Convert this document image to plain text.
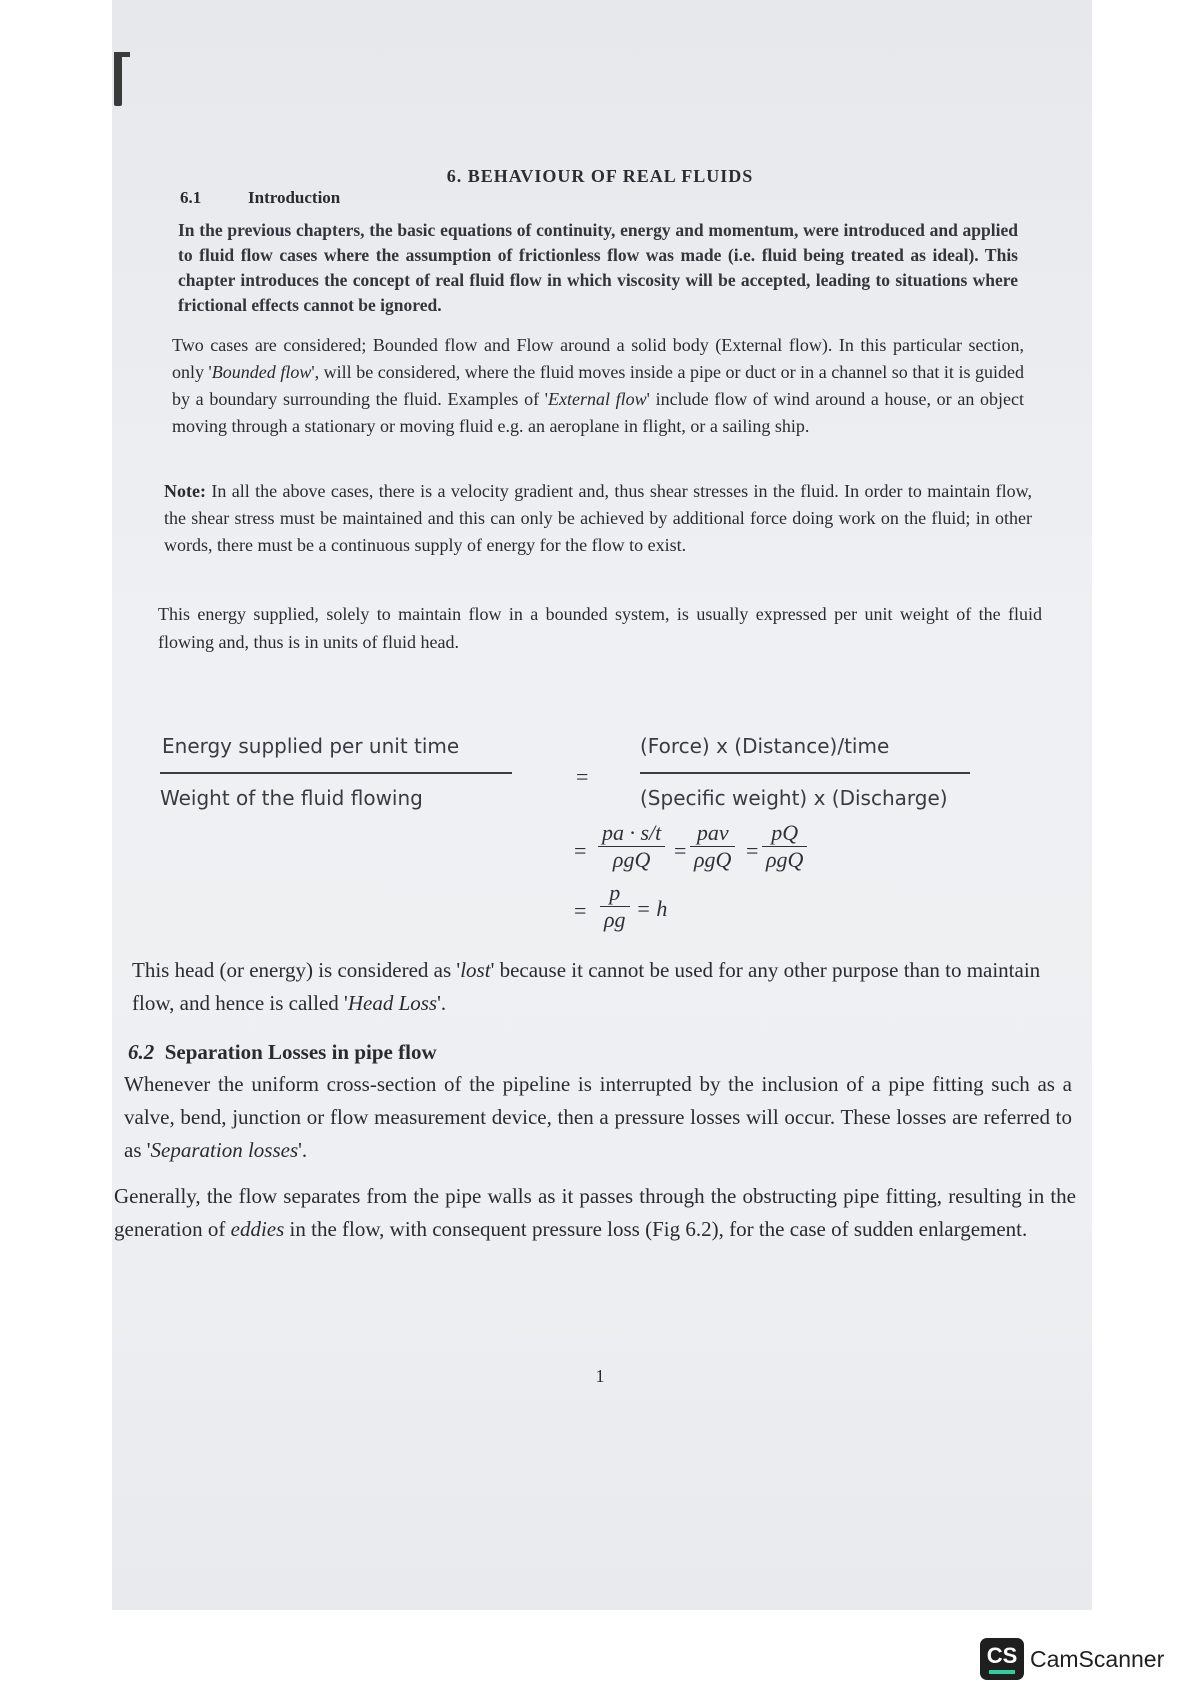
6. BEHAVIOUR OF REAL FLUIDS
6.1	Introduction

In the previous chapters, the basic equations of continuity, energy and momentum, were introduced and applied to fluid flow cases where the assumption of frictionless flow was made (i.e. fluid being treated as ideal). This chapter introduces the concept of real fluid flow in which viscosity will be accepted, leading to situations where frictional effects cannot be ignored.

Two cases are considered; Bounded flow and Flow around a solid body (External flow). In this particular section, only 'Bounded flow', will be considered, where the fluid moves inside a pipe or duct or in a channel so that it is guided by a boundary surrounding the fluid. Examples of 'External flow' include flow of wind around a house, or an object moving through a stationary or moving fluid e.g. an aeroplane in flight, or a sailing ship.

Note: In all the above cases, there is a velocity gradient and, thus shear stresses in the fluid. In order to maintain flow, the shear stress must be maintained and this can only be achieved by additional force doing work on the fluid; in other words, there must be a continuous supply of energy for the flow to exist.

This energy supplied, solely to maintain flow in a bounded system, is usually expressed per unit weight of the fluid flowing and, thus is in units of fluid head.

Energy supplied per unit time
Weight of the fluid flowing
=
(Force) x (Distance)/time
(Specific weight) x (Discharge)
=
pa · s/t
ρgQ	=
pav
ρgQ =
pQ
ρgQ
= $\frac{p}{\rho g} = h$

This head (or energy) is considered as 'lost' because it cannot be used for any other purpose than to maintain flow, and hence is called 'Head Loss'.

6.2 Separation Losses in pipe flow

Whenever the uniform cross-section of the pipeline is interrupted by the inclusion of a pipe fitting such as a valve, bend, junction or flow measurement device, then a pressure losses will occur. These losses are referred to as 'Separation losses'.

Generally, the flow separates from the pipe walls as it passes through the obstructing pipe fitting, resulting in the generation of eddies in the flow, with consequent pressure loss (Fig 6.2), for the case of sudden enlargement.

1
CS CamScanner
